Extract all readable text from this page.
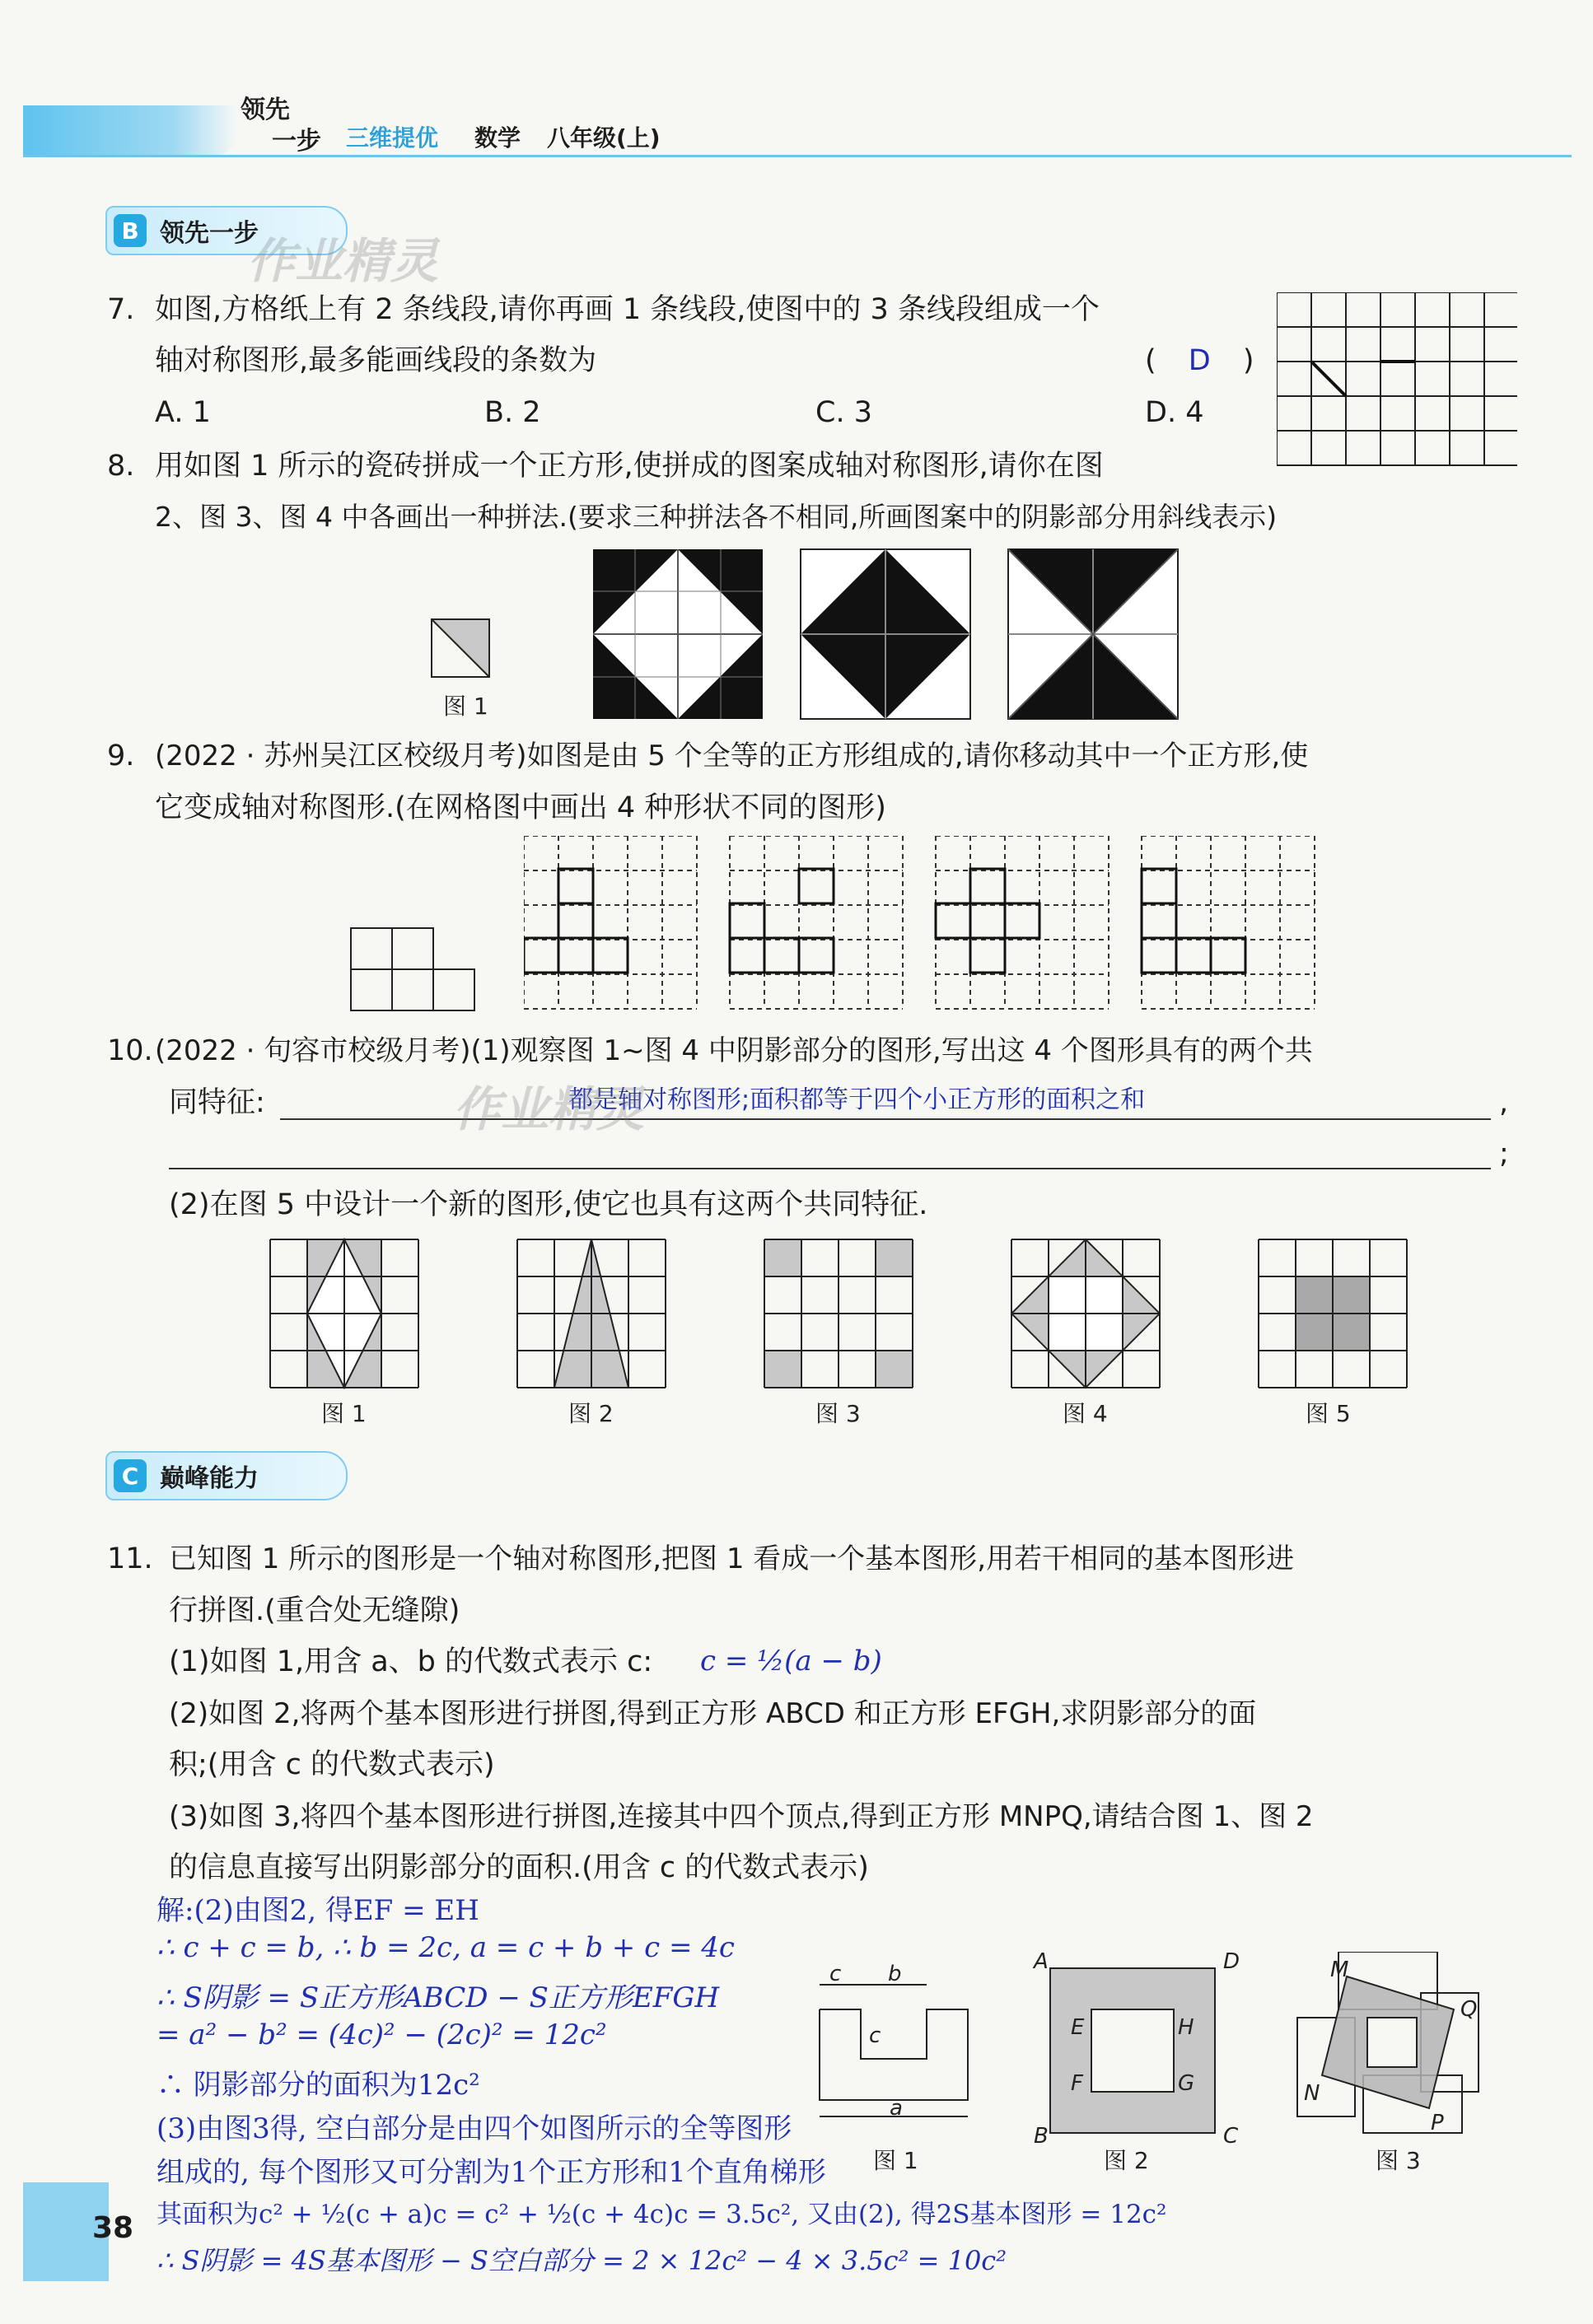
领先
一步 三维提优 数学 八年级(上)
B 领先一步
作业精灵
7. 如图,方格纸上有 2 条线段,请你再画 1 条线段,使图中的 3 条线段组成一个
轴对称图形,最多能画线段的条数为	( D )
A. 1	B. 2	C. 3	D. 4
8. 用如图 1 所示的瓷砖拼成一个正方形,使拼成的图案成轴对称图形,请你在图
2、图 3、图 4 中各画出一种拼法.(要求三种拼法各不相同,所画图案中的阴影部分用斜线表示)
图 1
9. (2022 · 苏州吴江区校级月考)如图是由 5 个全等的正方形组成的,请你移动其中一个正方形,使
它变成轴对称图形.(在网格图中画出 4 种形状不同的图形)
10. (2022 · 句容市校级月考)(1)观察图 1~图 4 中阴影部分的图形,写出这 4 个图形具有的两个共
同特征:	都是轴对称图形;面积都等于四个小正方形的面积之和
作业精灵	,
;
(2)在图 5 中设计一个新的图形,使它也具有这两个共同特征.
图 1	图 2	图 3	图 4	图 5
C 巅峰能力
11. 已知图 1 所示的图形是一个轴对称图形,把图 1 看成一个基本图形,用若干相同的基本图形进
行拼图.(重合处无缝隙)
(1)如图 1,用含 a、b 的代数式表示 c: c = ½(a − b)
(2)如图 2,将两个基本图形进行拼图,得到正方形 ABCD 和正方形 EFGH,求阴影部分的面
积;(用含 c 的代数式表示)
(3)如图 3,将四个基本图形进行拼图,连接其中四个顶点,得到正方形 MNPQ,请结合图 1、图 2
的信息直接写出阴影部分的面积.(用含 c 的代数式表示)
解:(2)由图2, 得EF = EH
∴ c + c = b, ∴ b = 2c, a = c + b + c = 4c
∴ S阴影 = S正方形ABCD − S正方形EFGH
= a² − b² = (4c)² − (2c)² = 12c²
∴ 阴影部分的面积为12c²
(3)由图3得, 空白部分是由四个如图所示的全等图形
组成的, 每个图形又可分割为1个正方形和1个直角梯形
其面积为c² + ½(c + a)c = c² + ½(c + 4c)c = 3.5c², 又由(2), 得2S基本图形 = 12c²
∴ S阴影 = 4S基本图形 − S空白部分 = 2 × 12c² − 4 × 3.5c² = 10c²
c b
c
a
A	D
E	H
F	G
B	C
M
Q
N
P
图 1	图 2	图 3
38
